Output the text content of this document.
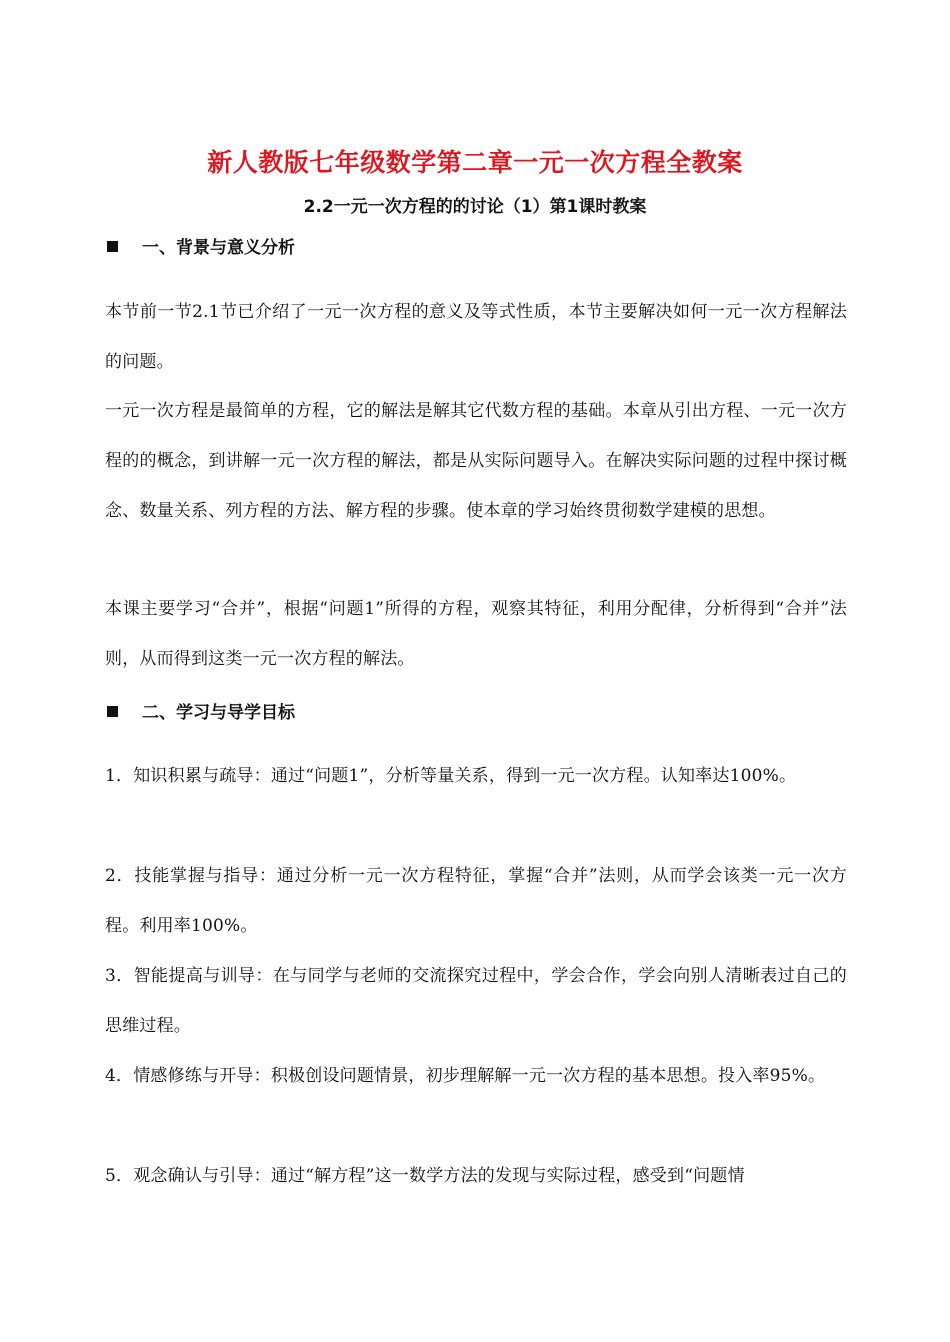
新人教版七年级数学第二章一元一次方程全教案
2.2一元一次方程的的讨论（1）第1课时教案
一、背景与意义分析

本节前一节2.1节已介绍了一元一次方程的意义及等式性质，本节主要解决如何一元一次方程解法的问题。

一元一次方程是最简单的方程，它的解法是解其它代数方程的基础。本章从引出方程、一元一次方程的的概念，到讲解一元一次方程的解法，都是从实际问题导入。在解决实际问题的过程中探讨概念、数量关系、列方程的方法、解方程的步骤。使本章的学习始终贯彻数学建模的思想。

本课主要学习“合并”，根据“问题1”所得的方程，观察其特征，利用分配律，分析得到“合并”法则，从而得到这类一元一次方程的解法。

二、学习与导学目标

1．知识积累与疏导：通过“问题1”，分析等量关系，得到一元一次方程。认知率达100%。

2．技能掌握与指导：通过分析一元一次方程特征，掌握“合并”法则，从而学会该类一元一次方程。利用率100%。

3．智能提高与训导：在与同学与老师的交流探究过程中，学会合作，学会向别人清晰表过自己的思维过程。

4．情感修练与开导：积极创设问题情景，初步理解解一元一次方程的基本思想。投入率95%。

5．观念确认与引导：通过“解方程”这一数学方法的发现与实际过程，感受到“问题情
